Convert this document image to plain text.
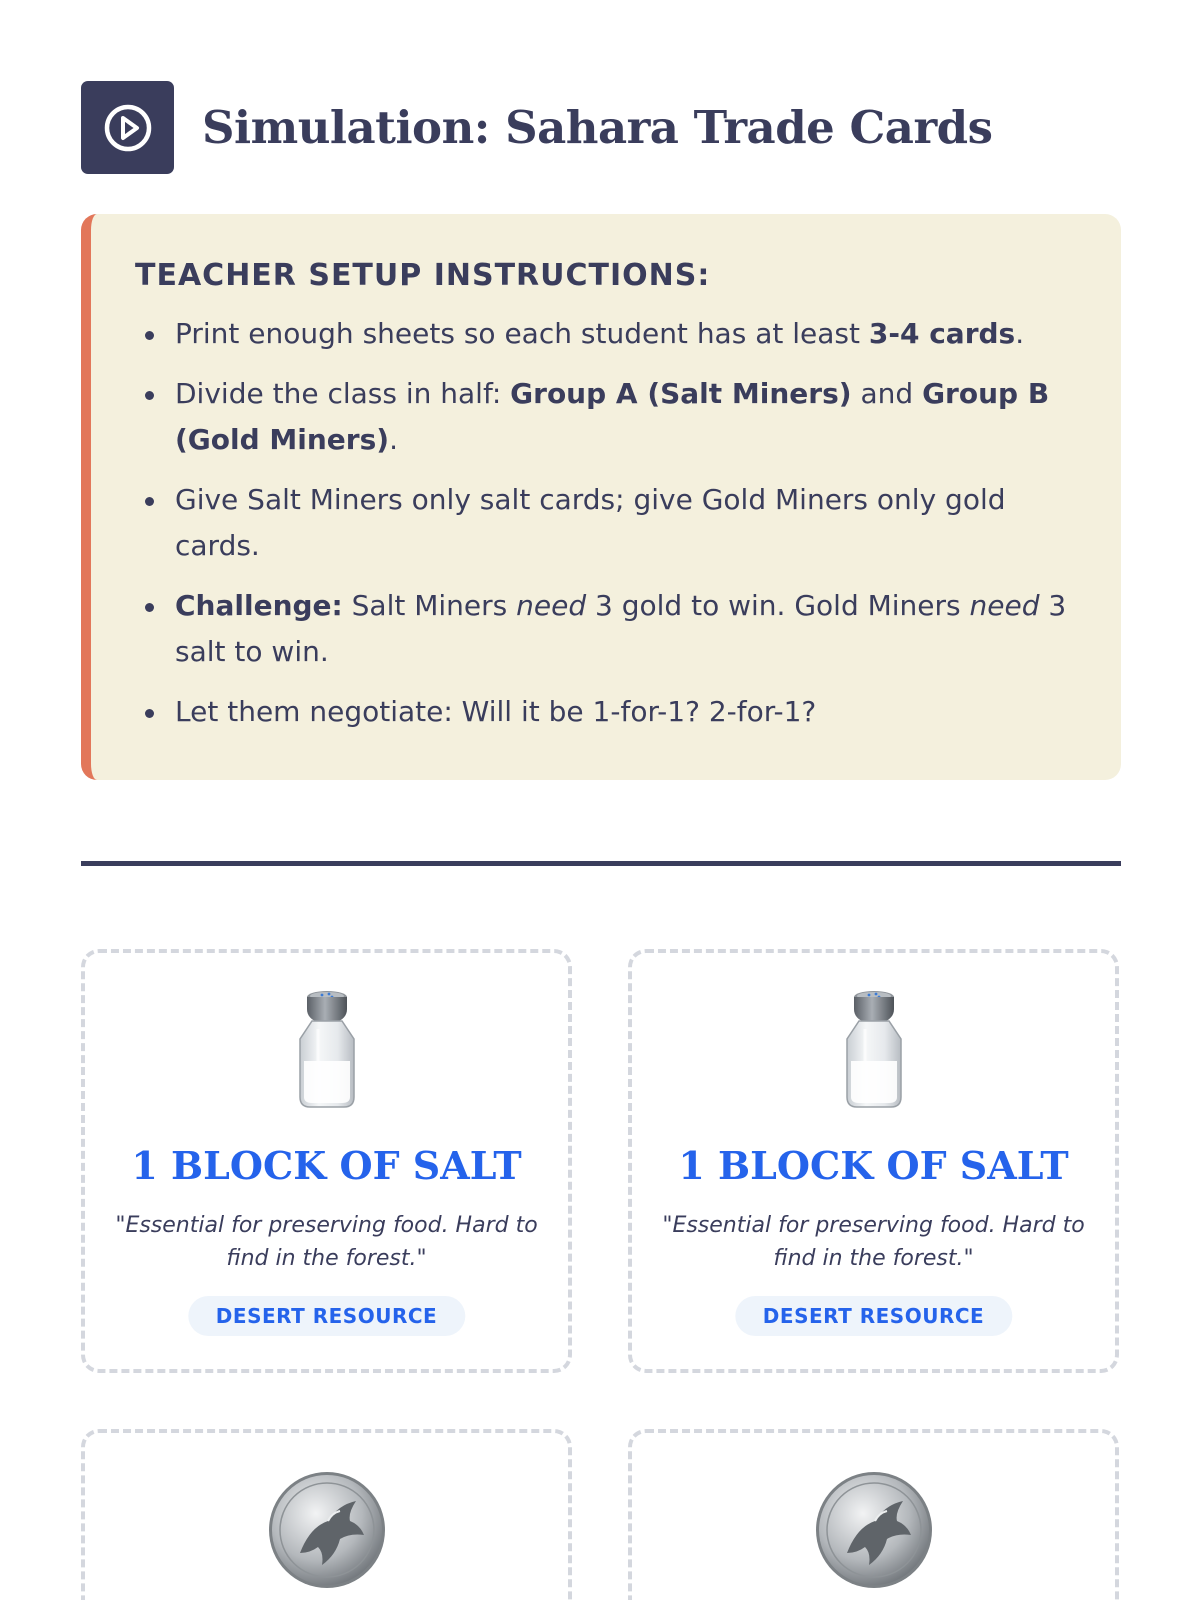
Simulation: Sahara Trade Cards
TEACHER SETUP INSTRUCTIONS:
Print enough sheets so each student has at least 3-4 cards.
Divide the class in half: Group A (Salt Miners) and Group B (Gold Miners).
Give Salt Miners only salt cards; give Gold Miners only gold cards.
Challenge: Salt Miners need 3 gold to win. Gold Miners need 3 salt to win.
Let them negotiate: Will it be 1-for-1? 2-for-1?
1 BLOCK OF SALT
"Essential for preserving food. Hard to find in the forest."
DESERT RESOURCE
1 BLOCK OF SALT
"Essential for preserving food. Hard to find in the forest."
DESERT RESOURCE
